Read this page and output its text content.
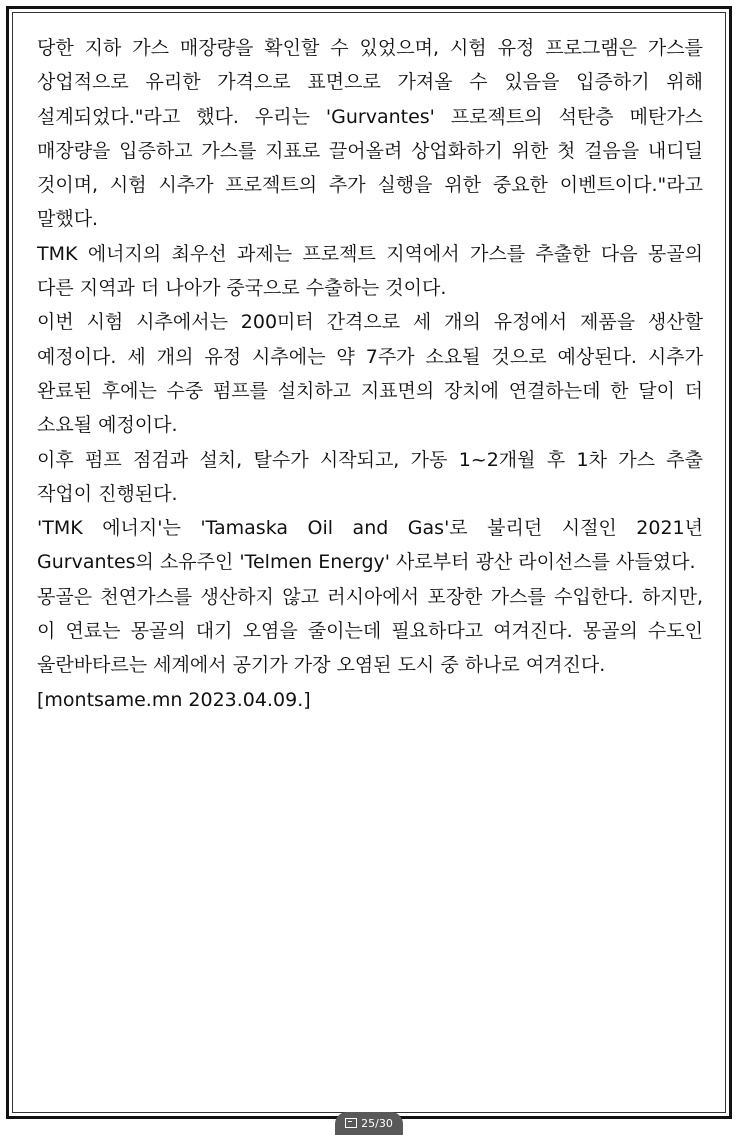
당한 지하 가스 매장량을 확인할 수 있었으며, 시험 유정 프로그램은 가스를 상업적으로 유리한 가격으로 표면으로 가져올 수 있음을 입증하기 위해 설계되었다."라고 했다. 우리는 'Gurvantes' 프로젝트의 석탄층 메탄가스 매장량을 입증하고 가스를 지표로 끌어올려 상업화하기 위한 첫 걸음을 내디딜 것이며, 시험 시추가 프로젝트의 추가 실행을 위한 중요한 이벤트이다."라고 말했다.

TMK 에너지의 최우선 과제는 프로젝트 지역에서 가스를 추출한 다음 몽골의 다른 지역과 더 나아가 중국으로 수출하는 것이다.

이번 시험 시추에서는 200미터 간격으로 세 개의 유정에서 제품을 생산할 예정이다. 세 개의 유정 시추에는 약 7주가 소요될 것으로 예상된다. 시추가 완료된 후에는 수중 펌프를 설치하고 지표면의 장치에 연결하는데 한 달이 더 소요될 예정이다.

이후 펌프 점검과 설치, 탈수가 시작되고, 가동 1~2개월 후 1차 가스 추출 작업이 진행된다.

'TMK 에너지'는 'Tamaska Oil and Gas'로 불리던 시절인 2021년 Gurvantes의 소유주인 'Telmen Energy' 사로부터 광산 라이선스를 사들였다.

몽골은 천연가스를 생산하지 않고 러시아에서 포장한 가스를 수입한다. 하지만, 이 연료는 몽골의 대기 오염을 줄이는데 필요하다고 여겨진다. 몽골의 수도인 울란바타르는 세계에서 공기가 가장 오염된 도시 중 하나로 여겨진다.

[montsame.mn 2023.04.09.]

25/30
